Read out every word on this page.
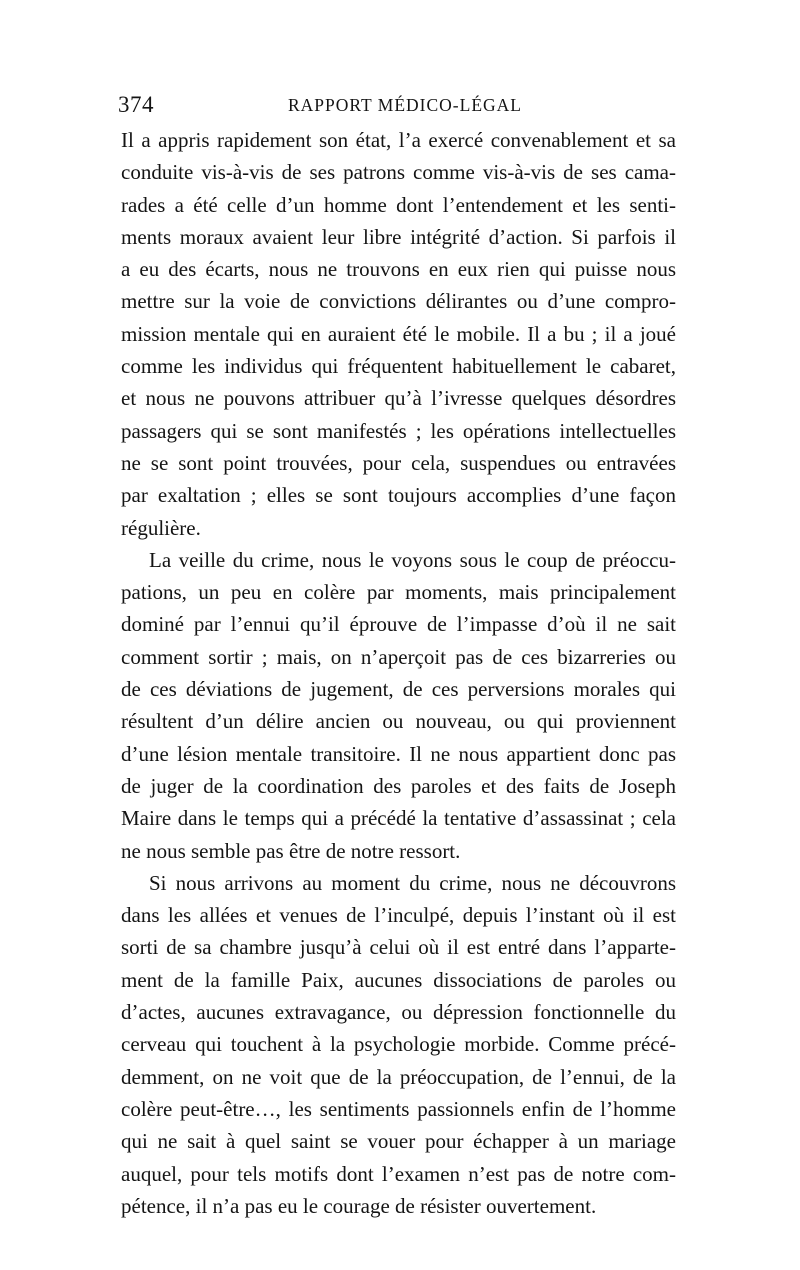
374	RAPPORT MÉDICO-LÉGAL
Il a appris rapidement son état, l’a exercé convenablement et sa
conduite vis-à-vis de ses patrons comme vis-à-vis de ses cama-
rades a été celle d’un homme dont l’entendement et les senti-
ments moraux avaient leur libre intégrité d’action. Si parfois il
a eu des écarts, nous ne trouvons en eux rien qui puisse nous
mettre sur la voie de convictions délirantes ou d’une compro-
mission mentale qui en auraient été le mobile. Il a bu ; il a joué
comme les individus qui fréquentent habituellement le cabaret,
et nous ne pouvons attribuer qu’à l’ivresse quelques désordres
passagers qui se sont manifestés ; les opérations intellectuelles
ne se sont point trouvées, pour cela, suspendues ou entravées
par exaltation ; elles se sont toujours accomplies d’une façon
régulière.
La veille du crime, nous le voyons sous le coup de préoccu-
pations, un peu en colère par moments, mais principalement
dominé par l’ennui qu’il éprouve de l’impasse d’où il ne sait
comment sortir ; mais, on n’aperçoit pas de ces bizarreries ou
de ces déviations de jugement, de ces perversions morales qui
résultent d’un délire ancien ou nouveau, ou qui proviennent
d’une lésion mentale transitoire. Il ne nous appartient donc pas
de juger de la coordination des paroles et des faits de Joseph
Maire dans le temps qui a précédé la tentative d’assassinat ; cela
ne nous semble pas être de notre ressort.
Si nous arrivons au moment du crime, nous ne découvrons
dans les allées et venues de l’inculpé, depuis l’instant où il est
sorti de sa chambre jusqu’à celui où il est entré dans l’apparte-
ment de la famille Paix, aucunes dissociations de paroles ou
d’actes, aucunes extravagance, ou dépression fonctionnelle du
cerveau qui touchent à la psychologie morbide. Comme précé-
demment, on ne voit que de la préoccupation, de l’ennui, de la
colère peut-être…, les sentiments passionnels enfin de l’homme
qui ne sait à quel saint se vouer pour échapper à un mariage
auquel, pour tels motifs dont l’examen n’est pas de notre com-
pétence, il n’a pas eu le courage de résister ouvertement.
